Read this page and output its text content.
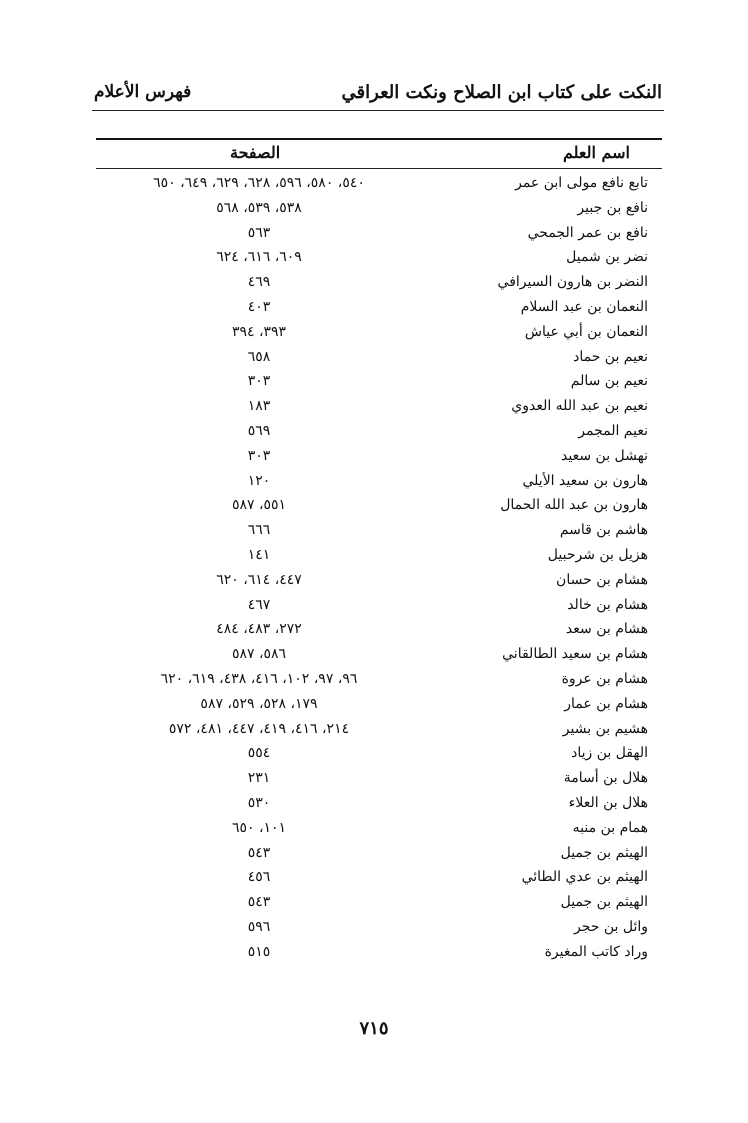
فهرس الأعلام	النكت على كتاب ابن الصلاح ونكت العراقي
اسم العلم
الصفحة
تابع نافع مولى ابن عمر
٥٤٠، ٥٨٠، ٥٩٦، ٦٢٨، ٦٢٩، ٦٤٩، ٦٥٠
نافع بن جبير
٥٣٨، ٥٣٩، ٥٦٨
نافع بن عمر الجمحي
٥٦٣
نضر بن شميل
٦٠٩، ٦١٦، ٦٢٤
النضر بن هارون السيرافي
٤٦٩
النعمان بن عبد السلام
٤٠٣
النعمان بن أبي عياش
٣٩٣، ٣٩٤
نعيم بن حماد
٦٥٨
نعيم بن سالم
٣٠٣
نعيم بن عبد الله العدوي
١٨٣
نعيم المجمر
٥٦٩
نهشل بن سعيد
٣٠٣
هارون بن سعيد الأيلي
١٢٠
هارون بن عبد الله الحمال
٥٥١، ٥٨٧
هاشم بن قاسم
٦٦٦
هزيل بن شرحبيل
١٤١
هشام بن حسان
٤٤٧، ٦١٤، ٦٢٠
هشام بن خالد
٤٦٧
هشام بن سعد
٢٧٢، ٤٨٣، ٤٨٤
هشام بن سعيد الطالقاني
٥٨٦، ٥٨٧
هشام بن عروة
٩٦، ٩٧، ١٠٢، ٤١٦، ٤٣٨، ٦١٩، ٦٢٠
هشام بن عمار
١٧٩، ٥٢٨، ٥٢٩، ٥٨٧
هشيم بن بشير
٢١٤، ٤١٦، ٤١٩، ٤٤٧، ٤٨١، ٥٧٢
الهقل بن زياد
٥٥٤
هلال بن أسامة
٢٣١
هلال بن العلاء
٥٣٠
همام بن منبه
١٠١، ٦٥٠
الهيثم بن جميل
٥٤٣
الهيثم بن عدي الطائي
٤٥٦
الهيثم بن جميل
٥٤٣
وائل بن حجر
٥٩٦
وراد كاتب المغيرة
٥١٥
٧١٥
